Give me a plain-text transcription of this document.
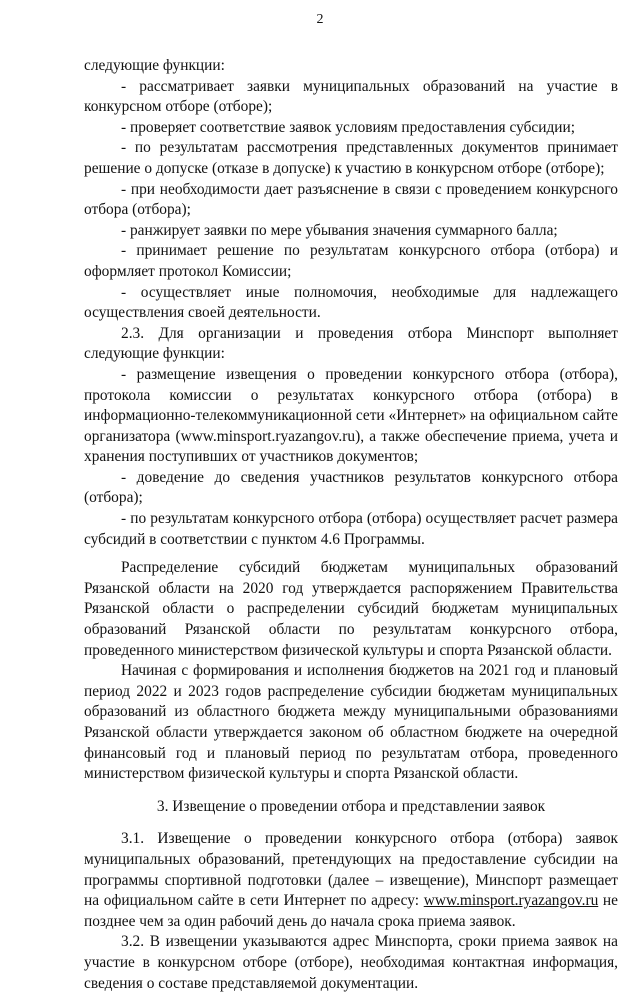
2

следующие функции:

- рассматривает заявки муниципальных образований на участие в конкурсном отборе (отборе);

- проверяет соответствие заявок условиям предоставления субсидии;

- по результатам рассмотрения представленных документов принимает решение о допуске (отказе в допуске) к участию в конкурсном отборе (отборе);

- при необходимости дает разъяснение в связи с проведением конкурсного отбора (отбора);

- ранжирует заявки по мере убывания значения суммарного балла;

- принимает решение по результатам конкурсного отбора (отбора) и оформляет протокол Комиссии;

- осуществляет иные полномочия, необходимые для надлежащего осуществления своей деятельности.

2.3. Для организации и проведения отбора Минспорт выполняет следующие функции:

- размещение извещения о проведении конкурсного отбора (отбора), протокола комиссии о результатах конкурсного отбора (отбора) в информационно-телекоммуникационной сети «Интернет» на официальном сайте организатора (www.minsport.ryazangov.ru), а также обеспечение приема, учета и хранения поступивших от участников документов;

- доведение до сведения участников результатов конкурсного отбора (отбора);

- по результатам конкурсного отбора (отбора) осуществляет расчет размера субсидий в соответствии с пунктом 4.6 Программы.

Распределение субсидий бюджетам муниципальных образований Рязанской области на 2020 год утверждается распоряжением Правительства Рязанской области о распределении субсидий бюджетам муниципальных образований Рязанской области по результатам конкурсного отбора, проведенного министерством физической культуры и спорта Рязанской области.

Начиная с формирования и исполнения бюджетов на 2021 год и плановый период 2022 и 2023 годов распределение субсидии бюджетам муниципальных образований из областного бюджета между муниципальными образованиями Рязанской области утверждается законом об областном бюджете на очередной финансовый год и плановый период по результатам отбора, проведенного министерством физической культуры и спорта Рязанской области.

3. Извещение о проведении отбора и представлении заявок

3.1. Извещение о проведении конкурсного отбора (отбора) заявок муниципальных образований, претендующих на предоставление субсидии на программы спортивной подготовки (далее – извещение), Минспорт размещает на официальном сайте в сети Интернет по адресу: www.minsport.ryazangov.ru не позднее чем за один рабочий день до начала срока приема заявок.

3.2. В извещении указываются адрес Минспорта, сроки приема заявок на участие в конкурсном отборе (отборе), необходимая контактная информация, сведения о составе представляемой документации.
